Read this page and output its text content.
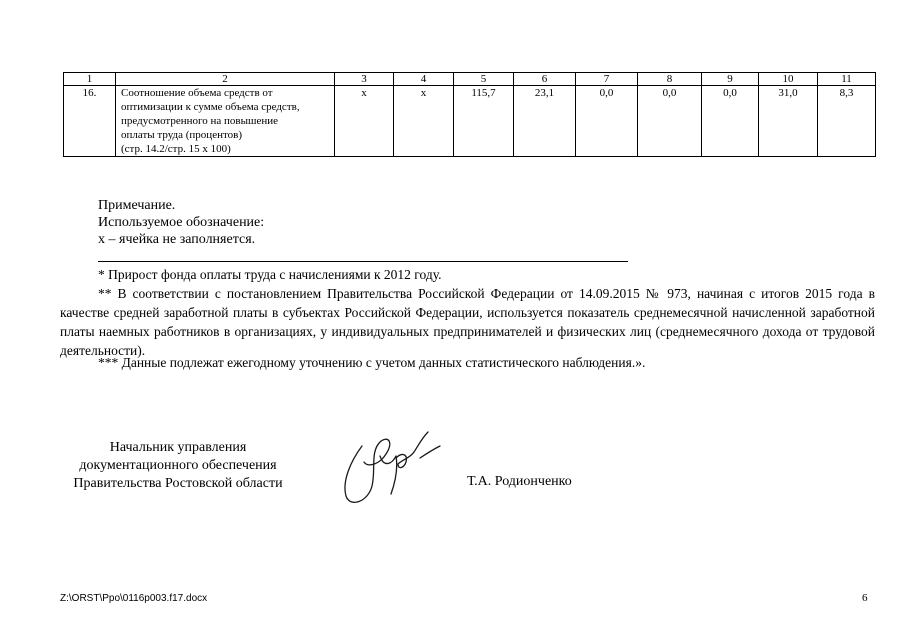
1	2	3	4	5	6	7	8	9	10	11
16.	Соотношение объема средств от
оптимизации к сумме объема средств,
предусмотренного на повышение
оплаты труда (процентов)
(стр. 14.2/стр. 15 х 100)	х	х	115,7	23,1	0,0	0,0	0,0	31,0	8,3
Примечание.
Используемое обозначение:
х – ячейка не заполняется.
* Прирост фонда оплаты труда с начислениями к 2012 году.
** В соответствии с постановлением Правительства Российской Федерации от 14.09.2015 № 973, начиная с итогов 2015 года в качестве средней заработной платы в субъектах Российской Федерации, используется показатель среднемесячной начисленной заработной платы наемных работников в организациях, у индивидуальных предпринимателей и физических лиц (среднемесячного дохода от трудовой деятельности).
*** Данные подлежат ежегодному уточнению с учетом данных статистического наблюдения.».
Начальник управления
документационного обеспечения
Правительства Ростовской области	Т.А. Родионченко
Z:\ORST\Ppo\0116p003.f17.docx	6
